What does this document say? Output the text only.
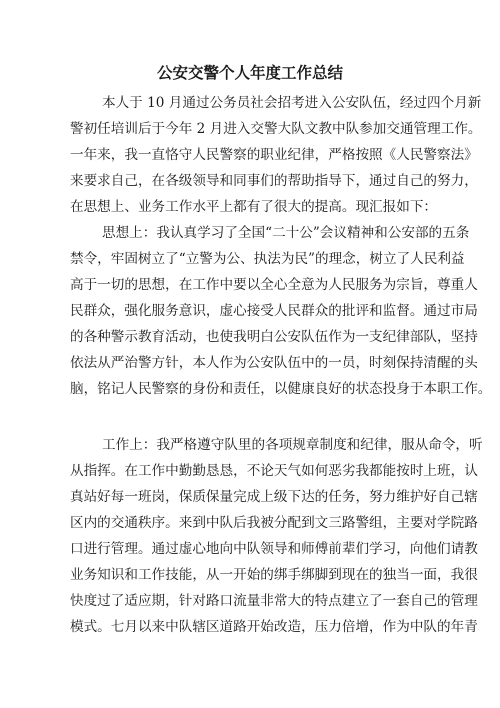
公安交警个人年度工作总结

本人于 10 月通过公务员社会招考进入公安队伍，经过四个月新

警初任培训后于今年 2 月进入交警大队文教中队参加交通管理工作。

一年来，我一直恪守人民警察的职业纪律，严格按照《人民警察法》

来要求自己，在各级领导和同事们的帮助指导下，通过自己的努力，

在思想上、业务工作水平上都有了很大的提高。现汇报如下：

思想上：我认真学习了全国“二十公”会议精神和公安部的五条

禁令，牢固树立了“立警为公、执法为民”的理念，树立了人民利益

高于一切的思想，在工作中要以全心全意为人民服务为宗旨，尊重人

民群众，强化服务意识，虚心接受人民群众的批评和监督。通过市局

的各种警示教育活动，也使我明白公安队伍作为一支纪律部队，坚持

依法从严治警方针，本人作为公安队伍中的一员，时刻保持清醒的头

脑，铭记人民警察的身份和责任，以健康良好的状态投身于本职工作。

工作上：我严格遵守队里的各项规章制度和纪律，服从命令，听

从指挥。在工作中勤勤恳恳，不论天气如何恶劣我都能按时上班，认

真站好每一班岗，保质保量完成上级下达的任务，努力维护好自己辖

区内的交通秩序。来到中队后我被分配到文三路警组，主要对学院路

口进行管理。通过虚心地向中队领导和师傅前辈们学习，向他们请教

业务知识和工作技能，从一开始的绑手绑脚到现在的独当一面，我很

快度过了适应期，针对路口流量非常大的特点建立了一套自己的管理

模式。七月以来中队辖区道路开始改造，压力倍增，作为中队的年青
